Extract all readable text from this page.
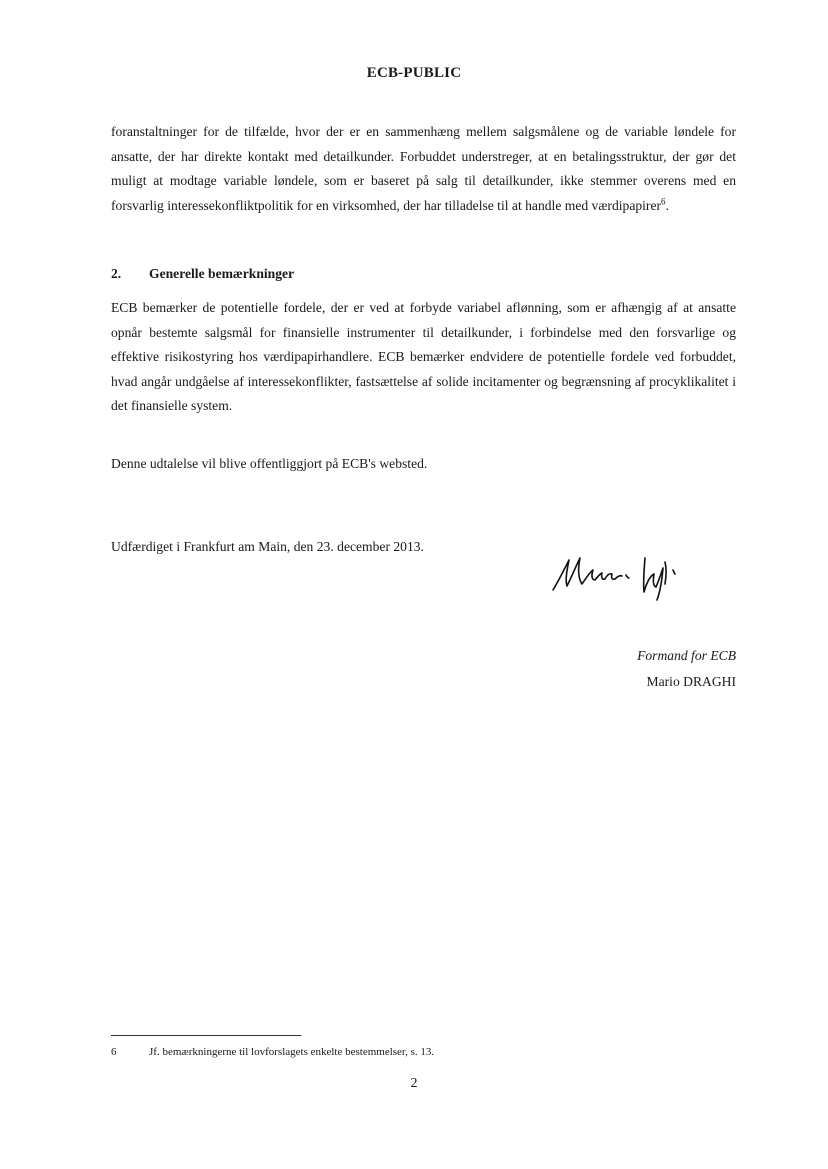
ECB-PUBLIC

foranstaltninger for de tilfælde, hvor der er en sammenhæng mellem salgsmålene og de variable løndele for ansatte, der har direkte kontakt med detailkunder. Forbuddet understreger, at en betalingsstruktur, der gør det muligt at modtage variable løndele, som er baseret på salg til detailkunder, ikke stemmer overens med en forsvarlig interessekonfliktpolitik for en virksomhed, der har tilladelse til at handle med værdipapirer$^6$.

2. Generelle bemærkninger

ECB bemærker de potentielle fordele, der er ved at forbyde variabel aflønning, som er afhængig af at ansatte opnår bestemte salgsmål for finansielle instrumenter til detailkunder, i forbindelse med den forsvarlige og effektive risikostyring hos værdipapirhandlere. ECB bemærker endvidere de potentielle fordele ved forbuddet, hvad angår undgåelse af interessekonflikter, fastsættelse af solide incitamenter og begrænsning af procyklikalitet i det finansielle system.

Denne udtalelse vil blive offentliggjort på ECB's websted.

Udfærdiget i Frankfurt am Main, den 23. december 2013.

Formand for ECB
Mario DRAGHI
6	Jf. bemærkningerne til lovforslagets enkelte bestemmelser, s. 13.
2
